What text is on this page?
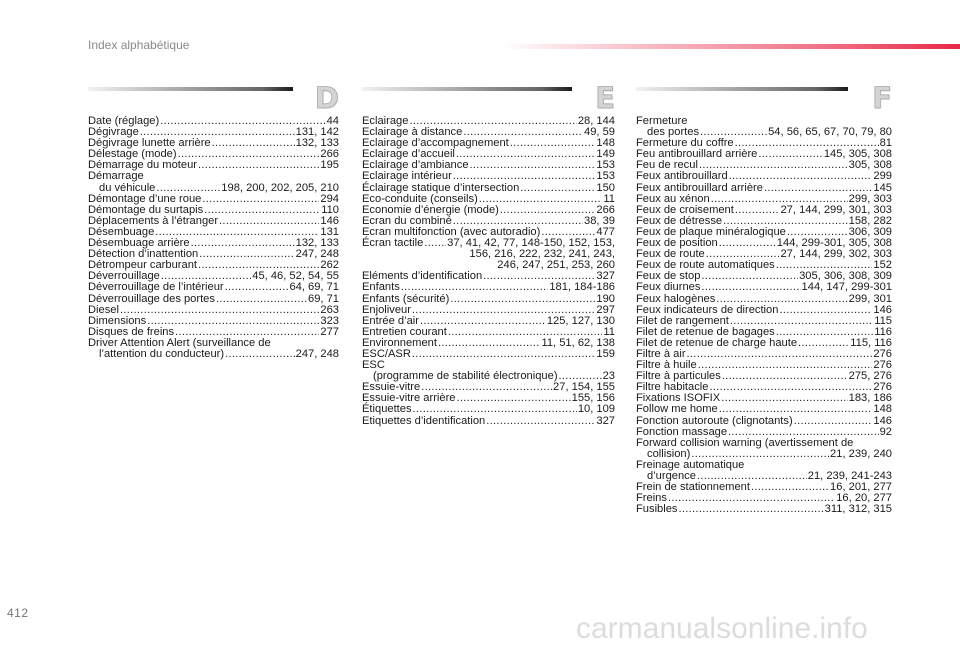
Index alphabétique
D
Date (réglage) . . .	44
Dégivrage . . .	131, 142
Dégivrage lunette arrière . . .	132, 133
Délestage (mode) . . .	266
Démarrage du moteur . . .	195
Démarrage
du véhicule . . .	198, 200, 202, 205, 210
Démontage d’une roue . . .	294
Démontage du surtapis . . .	110
Déplacements à l’étranger . . .	146
Désembuage . . .	131
Désembuage arrière . . .	132, 133
Détection d’inattention . . .	247, 248
Détrompeur carburant . . .	262
Déverrouillage . . .	45, 46, 52, 54, 55
Déverrouillage de l’intérieur . . .	64, 69, 71
Déverrouillage des portes . . .	69, 71
Diesel . . .	263
Dimensions . . .	323
Disques de freins . . .	277
Driver Attention Alert (surveillance de
l’attention du conducteur) . . .	247, 248
E
Eclairage . . .	28, 144
Eclairage à distance . . .	49, 59
Eclairage d’accompagnement . . .	148
Eclairage d’accueil . . .	149
Eclairage d’ambiance . . .	153
Eclairage intérieur . . .	153
Éclairage statique d’intersection . . .	150
Eco-conduite (conseils) . . .	11
Economie d’énergie (mode) . . .	266
Ecran du combiné . . .	38, 39
Ecran multifonction (avec autoradio) . . .	477
Écran tactile . . . 37, 41, 42, 77, 148-150, 152, 153,
156, 216, 222, 232, 241, 243,
246, 247, 251, 253, 260
Eléments d’identification . . .	327
Enfants . . .	181, 184-186
Enfants (sécurité) . . .	190
Enjoliveur . . .	297
Entrée d’air . . .	125, 127, 130
Entretien courant . . .	11
Environnement . . .	11, 51, 62, 138
ESC/ASR . . .	159
ESC
(programme de stabilité électronique) . . .	23
Essuie-vitre . . .	27, 154, 155
Essuie-vitre arrière . . .	155, 156
Étiquettes . . .	10, 109
Etiquettes d’identification . . .	327
F
Fermeture
des portes . . .	54, 56, 65, 67, 70, 79, 80
Fermeture du coffre . . .	81
Feu antibrouillard arrière . . .	145, 305, 308
Feu de recul . . .	305, 308
Feux antibrouillard . . .	299
Feux antibrouillard arrière . . .	145
Feux au xénon . . .	299, 303
Feux de croisement . . .	27, 144, 299, 301, 303
Feux de détresse . . .	158, 282
Feux de plaque minéralogique . . .	306, 309
Feux de position . . .	144, 299-301, 305, 308
Feux de route . . .	27, 144, 299, 302, 303
Feux de route automatiques . . .	152
Feux de stop . . .	305, 306, 308, 309
Feux diurnes . . .	144, 147, 299-301
Feux halogènes . . .	299, 301
Feux indicateurs de direction . . .	146
Filet de rangement . . .	115
Filet de retenue de bagages . . .	116
Filet de retenue de charge haute . . .	115, 116
Filtre à air . . .	276
Filtre à huile . . .	276
Filtre à particules . . .	275, 276
Filtre habitacle . . .	276
Fixations ISOFIX . . .	183, 186
Follow me home . . .	148
Fonction autoroute (clignotants) . . .	146
Fonction massage . . .	92
Forward collision warning (avertissement de
collision) . . .	21, 239, 240
Freinage automatique
d’urgence . . .	21, 239, 241-243
Frein de stationnement . . .	16, 201, 277
Freins . . .	16, 20, 277
Fusibles . . .	311, 312, 315
412	carmanualsonline.info
